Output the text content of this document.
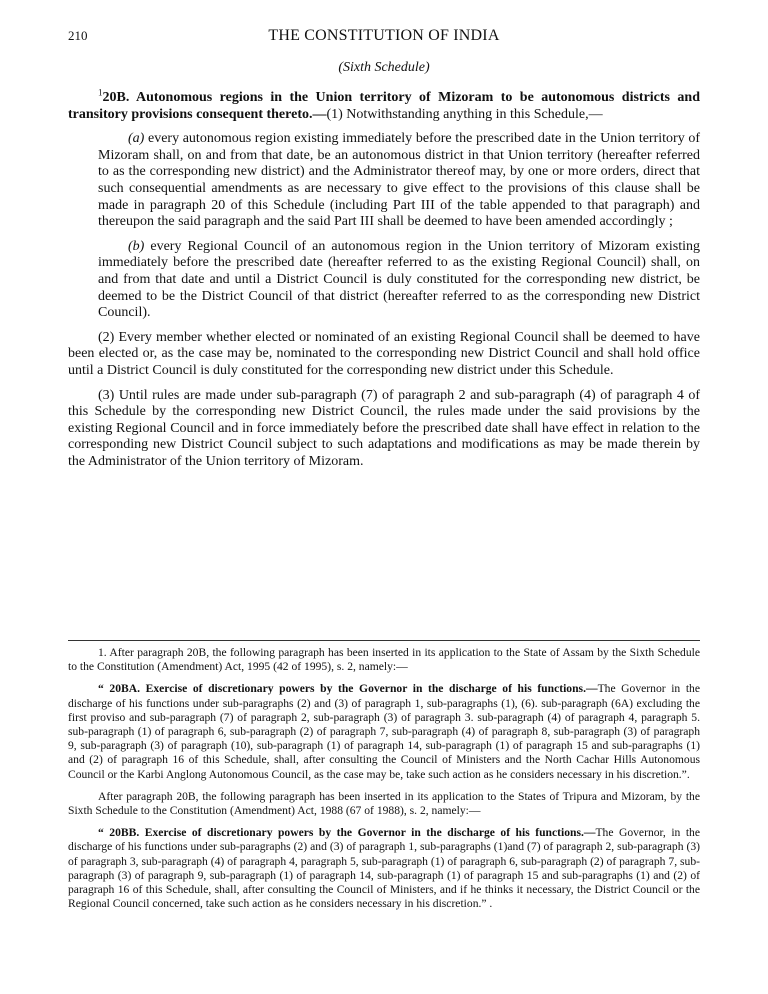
210	THE CONSTITUTION OF INDIA
(Sixth Schedule)

$^1$20B. Autonomous regions in the Union territory of Mizoram to be autonomous districts and transitory provisions consequent thereto.—(1) Notwithstanding anything in this Schedule,—

(a) every autonomous region existing immediately before the prescribed date in the Union territory of Mizoram shall, on and from that date, be an autonomous district in that Union territory (hereafter referred to as the corresponding new district) and the Administrator thereof may, by one or more orders, direct that such consequential amendments as are necessary to give effect to the provisions of this clause shall be made in paragraph 20 of this Schedule (including Part III of the table appended to that paragraph) and thereupon the said paragraph and the said Part III shall be deemed to have been amended accordingly ;

(b) every Regional Council of an autonomous region in the Union territory of Mizoram existing immediately before the prescribed date (hereafter referred to as the existing Regional Council) shall, on and from that date and until a District Council is duly constituted for the corresponding new district, be deemed to be the District Council of that district (hereafter referred to as the corresponding new District Council).

(2) Every member whether elected or nominated of an existing Regional Council shall be deemed to have been elected or, as the case may be, nominated to the corresponding new District Council and shall hold office until a District Council is duly constituted for the corresponding new district under this Schedule.

(3) Until rules are made under sub-paragraph (7) of paragraph 2 and sub-paragraph (4) of paragraph 4 of this Schedule by the corresponding new District Council, the rules made under the said provisions by the existing Regional Council and in force immediately before the prescribed date shall have effect in relation to the corresponding new District Council subject to such adaptations and modifications as may be made therein by the Administrator of the Union territory of Mizoram.

1. After paragraph 20B, the following paragraph has been inserted in its application to the State of Assam by the Sixth Schedule to the Constitution (Amendment) Act, 1995 (42 of 1995), s. 2, namely:—

“ 20BA. Exercise of discretionary powers by the Governor in the discharge of his functions.—The Governor in the discharge of his functions under sub-paragraphs (2) and (3) of paragraph 1, sub-paragraphs (1), (6). sub-paragraph (6A) excluding the first proviso and sub-paragraph (7) of paragraph 2, sub-paragraph (3) of paragraph 3. sub-paragraph (4) of paragraph 4, paragraph 5. sub-paragraph (1) of paragraph 6, sub-paragraph (2) of paragraph 7, sub-paragraph (4) of paragraph 8, sub-paragraph (3) of paragraph 9, sub-paragraph (3) of paragraph (10), sub-paragraph (1) of paragraph 14, sub-paragraph (1) of paragraph 15 and sub-paragraphs (1) and (2) of paragraph 16 of this Schedule, shall, after consulting the Council of Ministers and the North Cachar Hills Autonomous Council or the Karbi Anglong Autonomous Council, as the case may be, take such action as he considers necessary in his discretion.”.

After paragraph 20B, the following paragraph has been inserted in its application to the States of Tripura and Mizoram, by the Sixth Schedule to the Constitution (Amendment) Act, 1988 (67 of 1988), s. 2, namely:—

“ 20BB. Exercise of discretionary powers by the Governor in the discharge of his functions.—The Governor, in the discharge of his functions under sub-paragraphs (2) and (3) of paragraph 1, sub-paragraphs (1)and (7) of paragraph 2, sub-paragraph (3) of paragraph 3, sub-paragraph (4) of paragraph 4, paragraph 5, sub-paragraph (1) of paragraph 6, sub-paragraph (2) of paragraph 7, sub-paragraph (3) of paragraph 9, sub-paragraph (1) of paragraph 14, sub-paragraph (1) of paragraph 15 and sub-paragraphs (1) and (2) of paragraph 16 of this Schedule, shall, after consulting the Council of Ministers, and if he thinks it necessary, the District Council or the Regional Council concerned, take such action as he considers necessary in his discretion.” .
